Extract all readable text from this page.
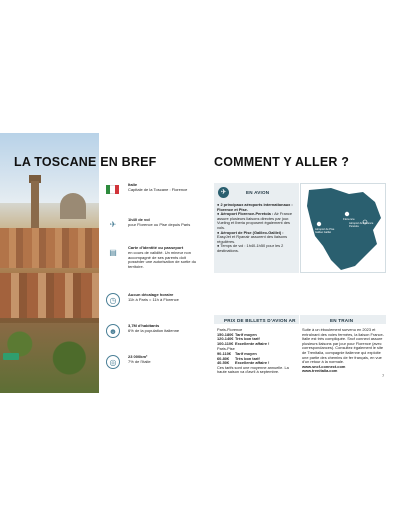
LA TOSCANE EN BREF	COMMENT Y ALLER ?
Italie
Capitale de la Toscane : Florence
✈
1h40 de vol
pour Florence ou Pise depuis Paris
▤
Carte d'identité ou passeport
en cours de validité. Un mineur non accompagné de ses parents doit posséder une autorisation de sortie du territoire.
◷
Aucun décalage horaire
11h à Paris = 11h à Florence
☻
3,7M d'habitants
6% de la population italienne
◎
23 000km²
7% de l'Italie
✈	EN AVION
● 2 principaux aéroports internationaux : Florence et Pise.
● Aéroport Florence-Peretola : Air France assure plusieurs liaisons directes par jour. Vueling et Iberia proposent également des vols.
● Aéroport de Pise (Galileo-Galilei) : EasyJet et Ryanair assurent des liaisons régulières.
● Temps de vol : 1h40-1h50 pour les 2 destinations.
Florence
Aéroport de Florence Peretola
Aéroport de Pise Galileo Galilei
PRIX DE BILLETS D'AVION AR
Paris-Florence
150-180€ Tarif moyen
120-140€ Très bon tarif
100-110€ Excellente affaire !
Paris-Pise
90-110€	Tarif moyen
60-80€	Très bon tarif
40-50€	Excellente affaire !
Ces tarifs sont une moyenne annuelle. La haute saison va d'avril à septembre.
EN TRAIN
Suite à un éboulement survenu en 2023 et entraînant des voies fermées, la liaison France-Italie est très compliquée. Sncf connect assure plusieurs liaisons par jour pour Florence (avec correspondances). Consultez également le site de Trenitalia, compagnie italienne qui exploite une partie des chemins de fer français, en vue d'un retour à la normale.
www.sncf-connect.com
www.trenitalia.com
7
